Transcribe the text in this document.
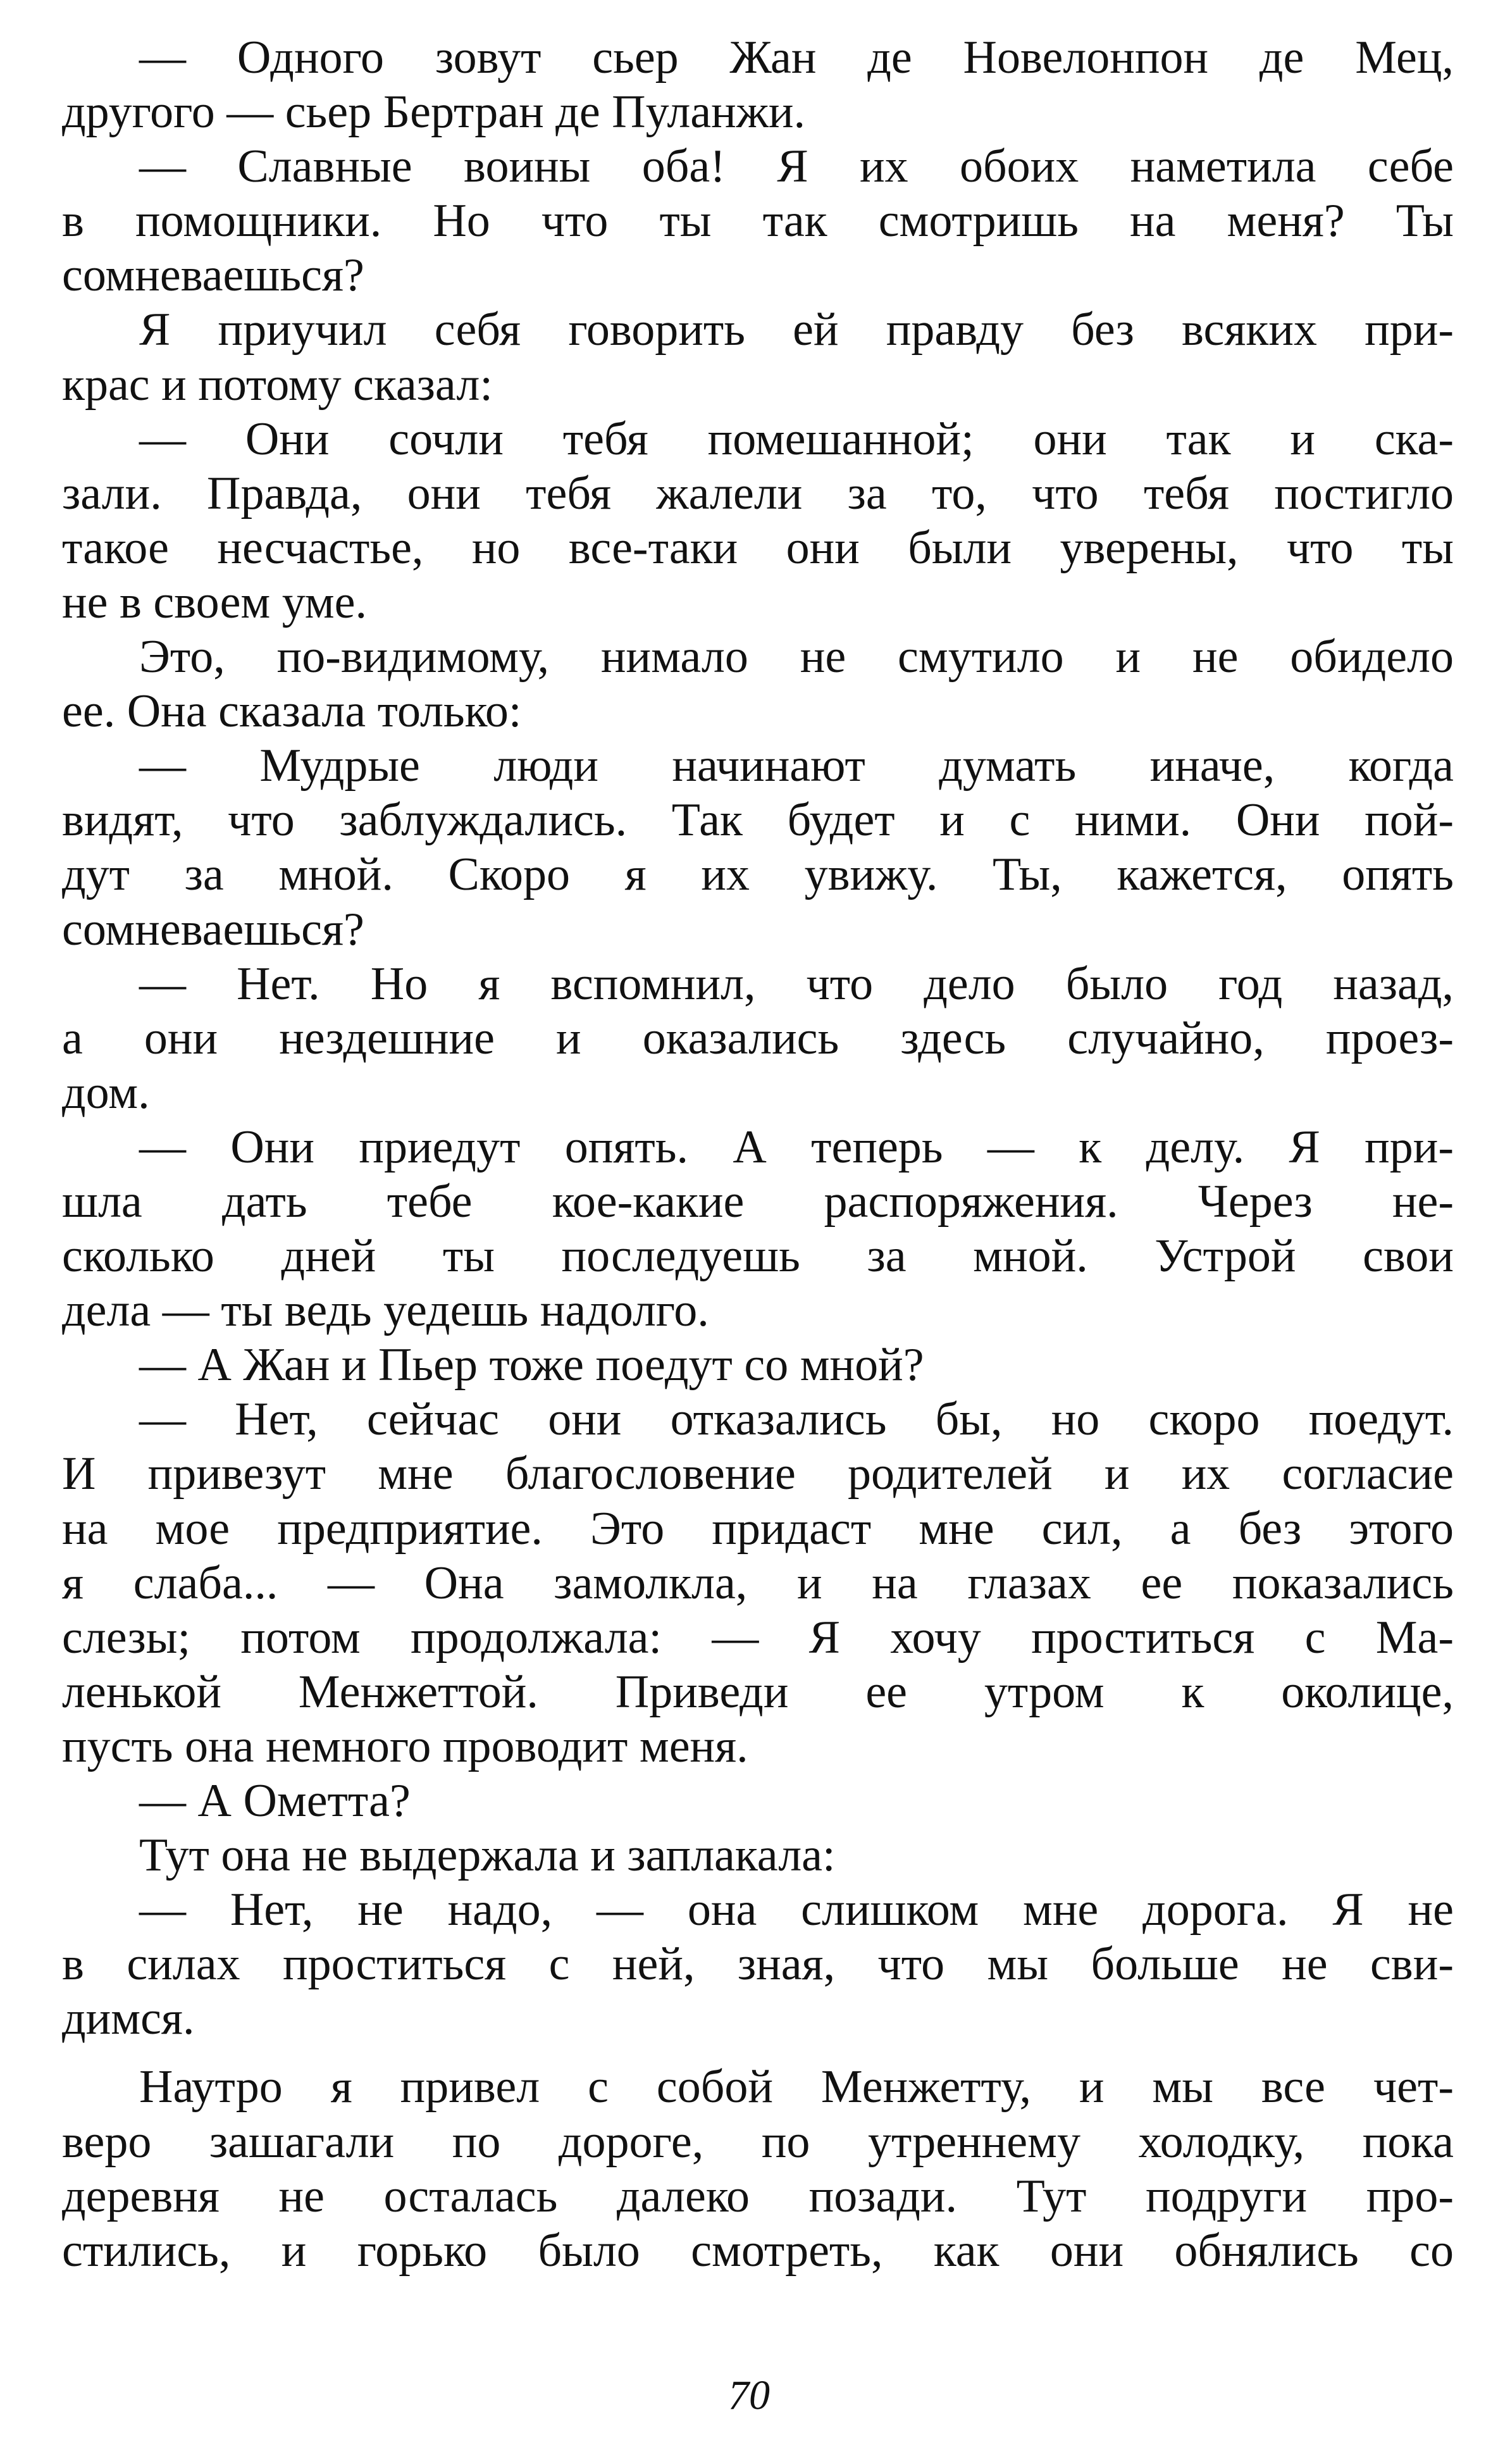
— Одного зовут сьер Жан де Новелонпон де Мец,
другого — сьер Бертран де Пуланжи.
— Славные воины оба! Я их обоих наметила себе
в помощники. Но что ты так смотришь на меня? Ты
сомневаешься?
Я приучил себя говорить ей правду без всяких при-
крас и потому сказал:
— Они сочли тебя помешанной; они так и ска-
зали. Правда, они тебя жалели за то, что тебя постигло
такое несчастье, но все-таки они были уверены, что ты
не в своем уме.
Это, по-видимому, нимало не смутило и не обидело
ее. Она сказала только:
— Мудрые люди начинают думать иначе, когда
видят, что заблуждались. Так будет и с ними. Они пой-
дут за мной. Скоро я их увижу. Ты, кажется, опять
сомневаешься?
— Нет. Но я вспомнил, что дело было год назад,
а они нездешние и оказались здесь случайно, проез-
дом.
— Они приедут опять. А теперь — к делу. Я при-
шла дать тебе кое-какие распоряжения. Через не-
сколько дней ты последуешь за мной. Устрой свои
дела — ты ведь уедешь надолго.
— А Жан и Пьер тоже поедут со мной?
— Нет, сейчас они отказались бы, но скоро поедут.
И привезут мне благословение родителей и их согласие
на мое предприятие. Это придаст мне сил, а без этого
я слаба... — Она замолкла, и на глазах ее показались
слезы; потом продолжала: — Я хочу проститься с Ма-
ленькой Менжеттой. Приведи ее утром к околице,
пусть она немного проводит меня.
— А Ометта?
Тут она не выдержала и заплакала:
— Нет, не надо, — она слишком мне дорога. Я не
в силах проститься с ней, зная, что мы больше не сви-
димся.
Наутро я привел с собой Менжетту, и мы все чет-
веро зашагали по дороге, по утреннему холодку, пока
деревня не осталась далеко позади. Тут подруги про-
стились, и горько было смотреть, как они обнялись со
70
